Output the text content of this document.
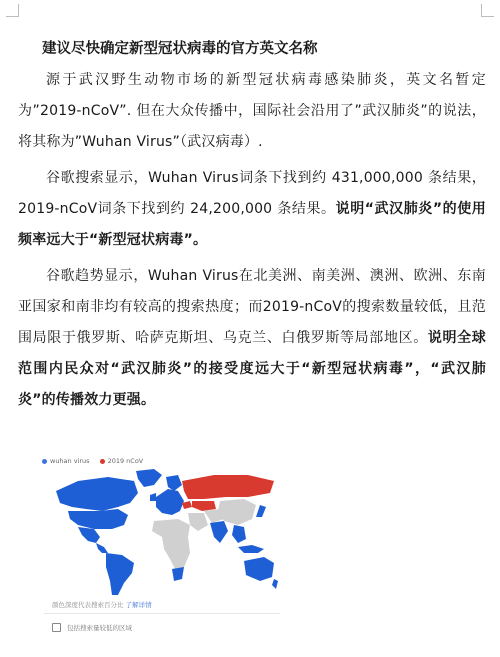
建议尽快确定新型冠状病毒的官方英文名称

源于武汉野生动物市场的新型冠状病毒感染肺炎，英文名暂定为”2019-nCoV”. 但在大众传播中，国际社会沿用了”武汉肺炎”的说法，将其称为”Wuhan Virus”（武汉病毒）.

谷歌搜索显示，Wuhan Virus词条下找到约 431,000,000 条结果，2019-nCoV词条下找到约 24,200,000 条结果。说明“武汉肺炎”的使用频率远大于“新型冠状病毒”。

谷歌趋势显示，Wuhan Virus在北美洲、南美洲、澳洲、欧洲、东南亚国家和南非均有较高的搜索热度；而2019-nCoV的搜索数量较低，且范围局限于俄罗斯、哈萨克斯坦、乌克兰、白俄罗斯等局部地区。说明全球范围内民众对“武汉肺炎”的接受度远大于“新型冠状病毒”，“武汉肺炎”的传播效力更强。

wuhan virus	2019 nCoV
颜色深度代表搜索百分比 了解详情
包括搜索量较低的区域
